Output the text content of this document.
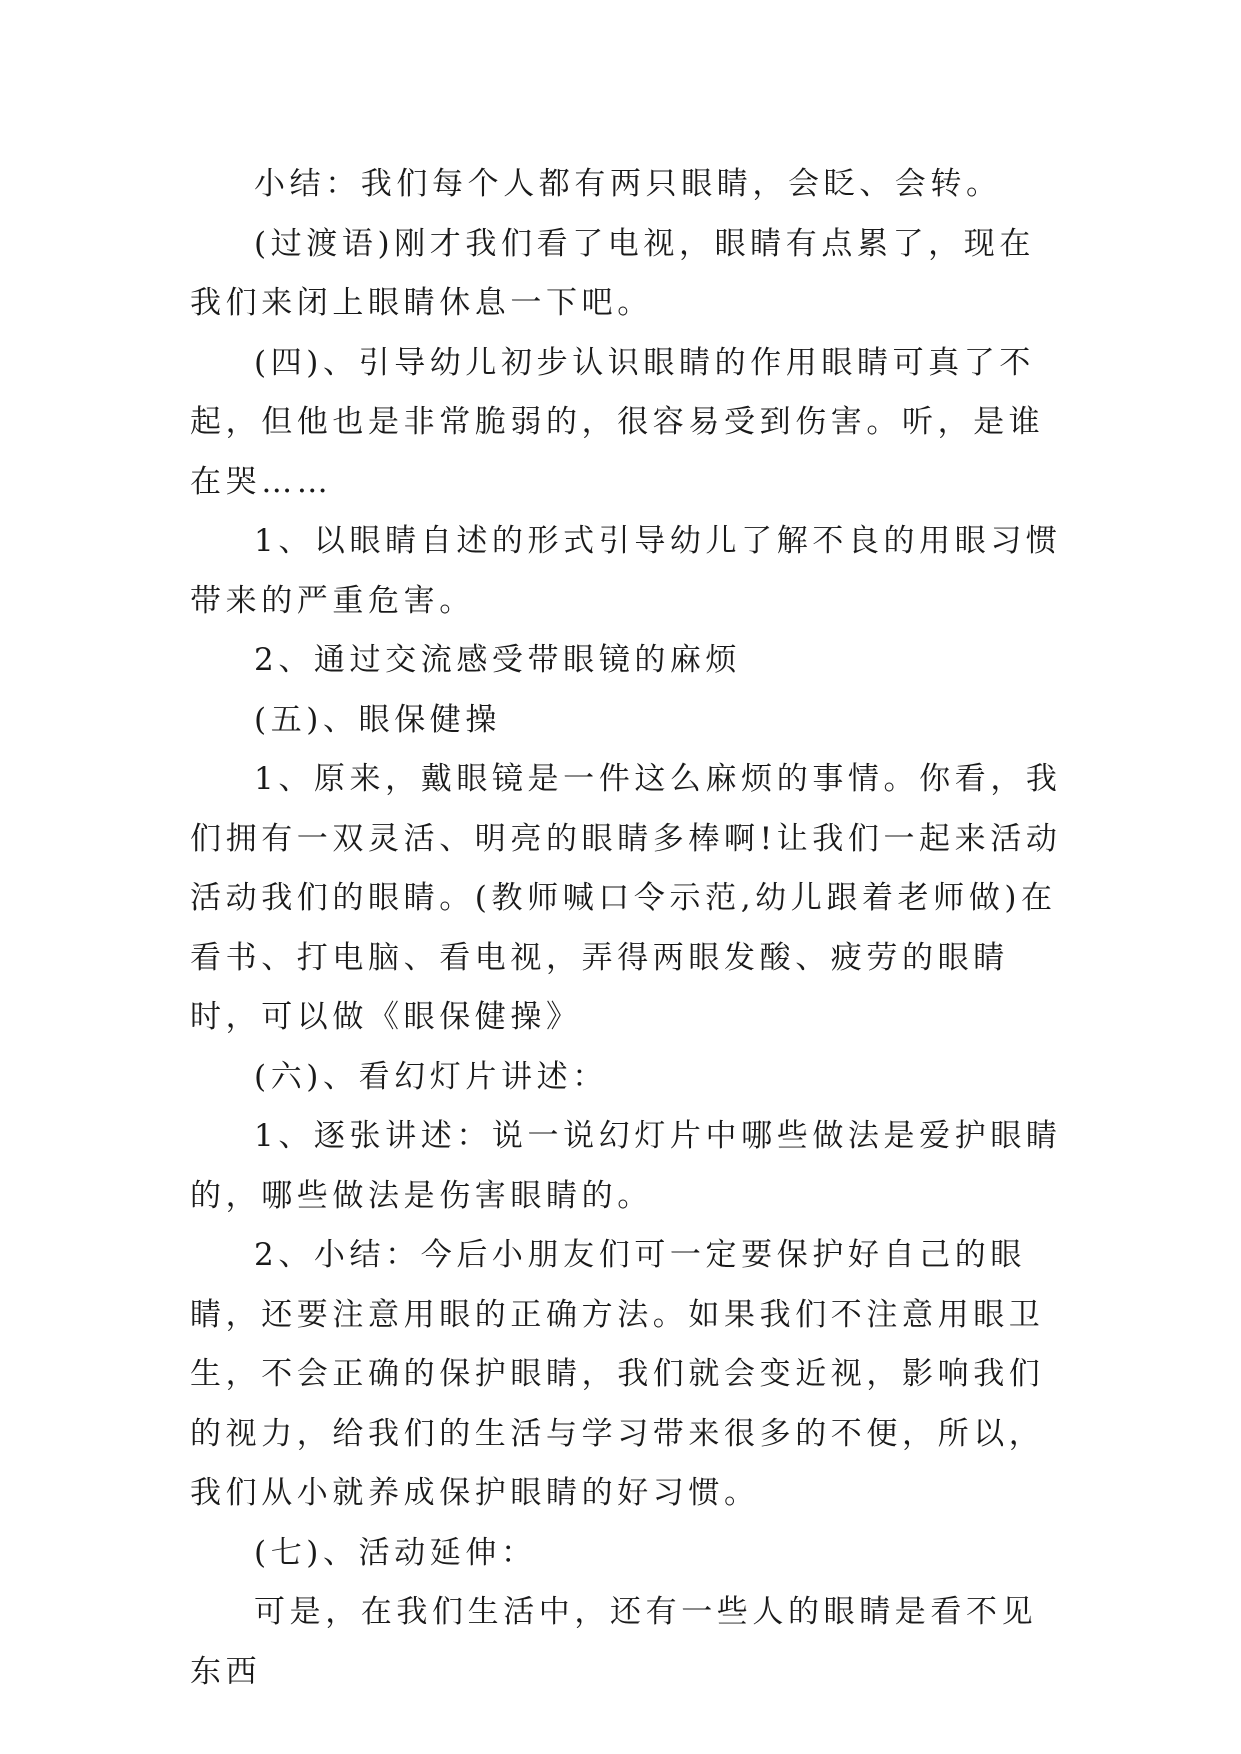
小结：我们每个人都有两只眼睛，会眨、会转。

(过渡语)刚才我们看了电视，眼睛有点累了，现在我们来闭上眼睛休息一下吧。

(四)、引导幼儿初步认识眼睛的作用眼睛可真了不起，但他也是非常脆弱的，很容易受到伤害。听，是谁在哭……

1、以眼睛自述的形式引导幼儿了解不良的用眼习惯带来的严重危害。

2、通过交流感受带眼镜的麻烦

(五)、眼保健操

1、原来，戴眼镜是一件这么麻烦的事情。你看，我们拥有一双灵活、明亮的眼睛多棒啊!让我们一起来活动活动我们的眼睛。(教师喊口令示范,幼儿跟着老师做)在看书、打电脑、看电视，弄得两眼发酸、疲劳的眼睛时，可以做《眼保健操》

(六)、看幻灯片讲述：

1、逐张讲述：说一说幻灯片中哪些做法是爱护眼睛的，哪些做法是伤害眼睛的。

2、小结：今后小朋友们可一定要保护好自己的眼睛，还要注意用眼的正确方法。如果我们不注意用眼卫生，不会正确的保护眼睛，我们就会变近视，影响我们的视力，给我们的生活与学习带来很多的不便，所以，我们从小就养成保护眼睛的好习惯。

(七)、活动延伸：

可是，在我们生活中，还有一些人的眼睛是看不见东西
